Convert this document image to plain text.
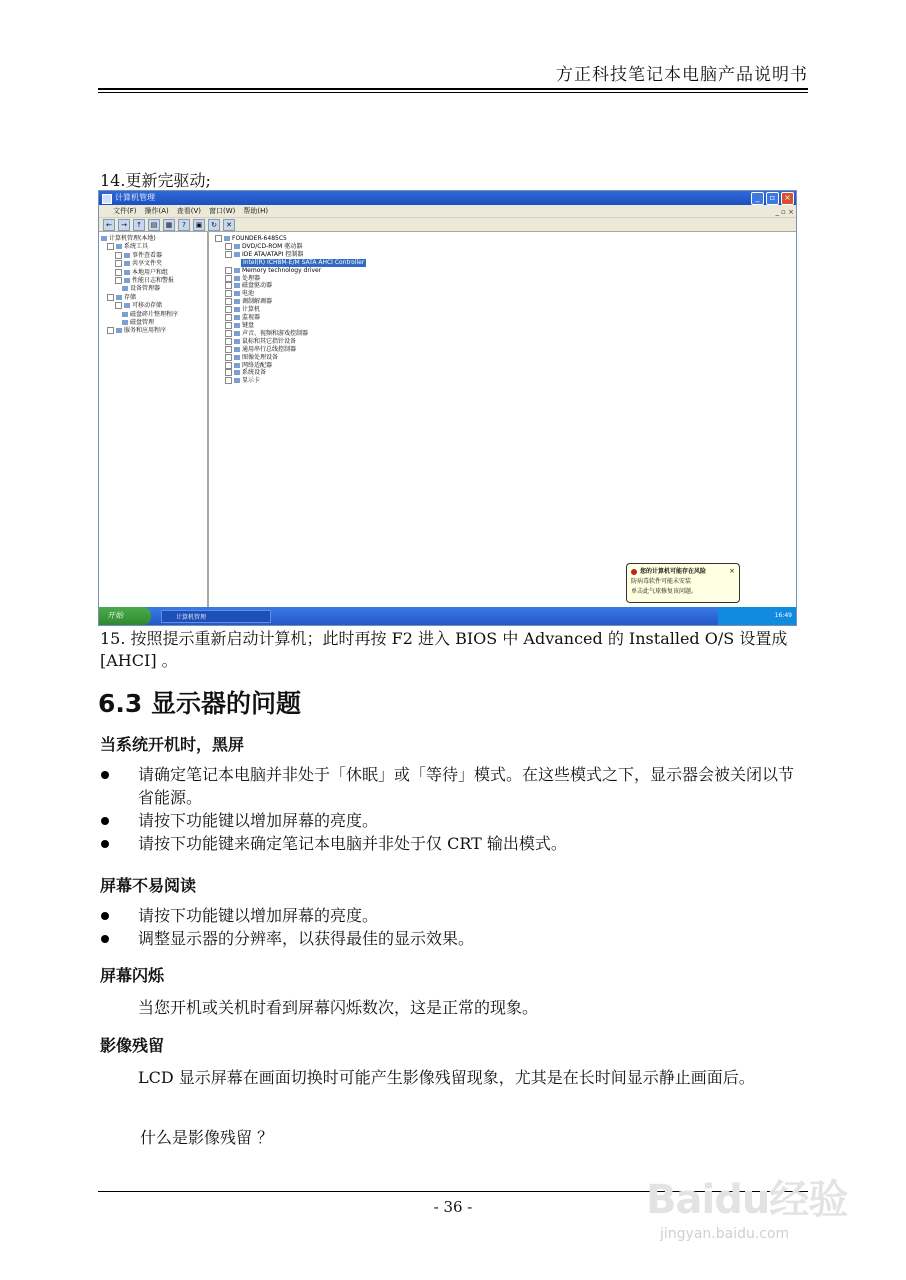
方正科技笔记本电脑产品说明书
14.更新完驱动;
计算机管理	_	▫	×
文件(F) 操作(A) 查看(V) 窗口(W) 帮助(H)	_ ▫ ×
←	→	↑	▤	▦	?	▣	↻	✕
计算机管理(本地)
系统工具
事件查看器
共享文件夹
本地用户和组
性能日志和警报
设备管理器
存储
可移动存储
磁盘碎片整理程序
磁盘管理
服务和应用程序
FOUNDER-6485C5
DVD/CD-ROM 驱动器
IDE ATA/ATAPI 控制器
Intel(R) ICH8M-E/M SATA AHCI Controller
Memory technology driver
处理器
磁盘驱动器
电池
调制解调器
计算机
监视器
键盘
声音、视频和游戏控制器
鼠标和其它指针设备
通用串行总线控制器
图像处理设备
网络适配器
系统设备
显示卡
您的计算机可能存在风险	×
防病毒软件可能未安装
单击此气球修复该问题。
开始	计算机管理	16:49
15. 按照提示重新启动计算机；此时再按 F2 进入 BIOS 中 Advanced 的 Installed O/S 设置成[AHCI] 。
6.3 显示器的问题
当系统开机时，黑屏
请确定笔记本电脑并非处于「休眠」或「等待」模式。在这些模式之下，显示器会被关闭以节省能源。
请按下功能键以增加屏幕的亮度。
请按下功能键来确定笔记本电脑并非处于仅 CRT 输出模式。
屏幕不易阅读
请按下功能键以增加屏幕的亮度。
调整显示器的分辨率，以获得最佳的显示效果。
屏幕闪烁
当您开机或关机时看到屏幕闪烁数次，这是正常的现象。
影像残留
LCD 显示屏幕在画面切换时可能产生影像残留现象，尤其是在长时间显示静止画面后。
什么是影像残留 ？
- 36 -	Baidu经验
jingyan.baidu.com
